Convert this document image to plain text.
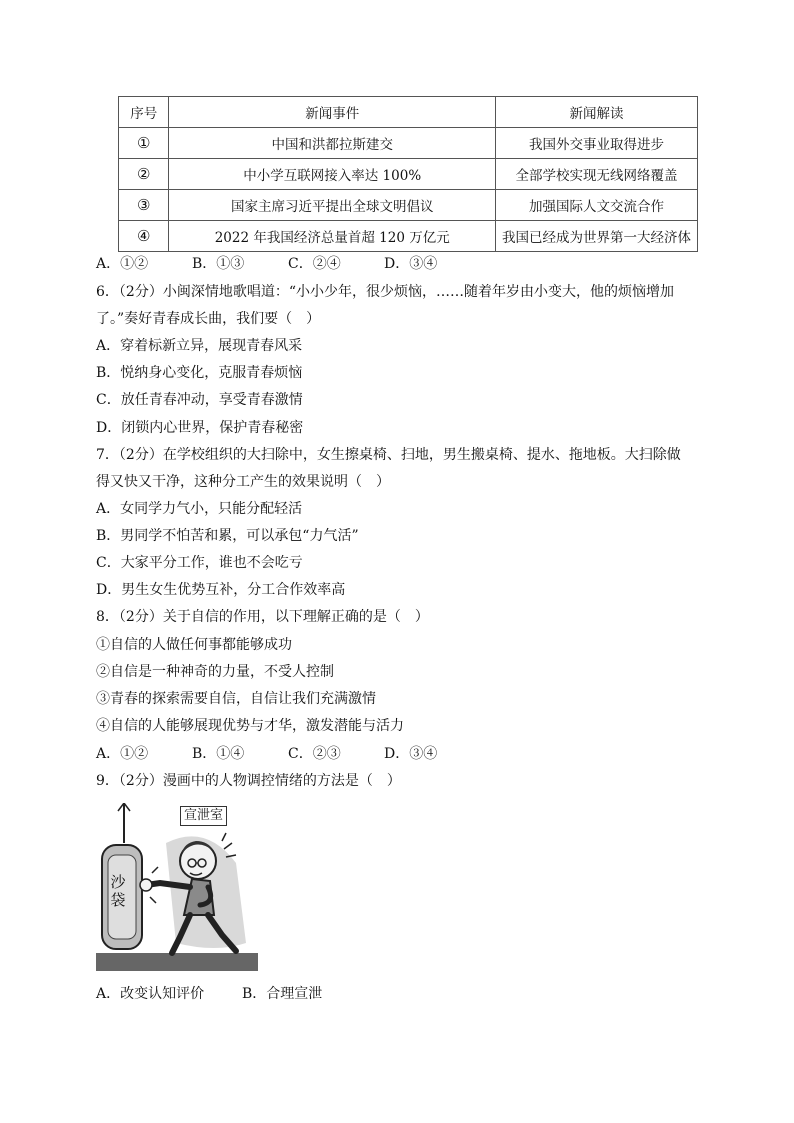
序号	新闻事件	新闻解读
①	中国和洪都拉斯建交	我国外交事业取得进步
②	中小学互联网接入率达 100%	全部学校实现无线网络覆盖
③	国家主席习近平提出全球文明倡议	加强国际人文交流合作
④	2022 年我国经济总量首超 120 万亿元	我国已经成为世界第一大经济体
A．①②	B．①③	C．②④	D．③④
6．（2分）小闽深情地歌唱道：“小小少年，很少烦恼，……随着年岁由小变大，他的烦恼增加
了。”奏好青春成长曲，我们要（　）
A．穿着标新立异，展现青春风采
B．悦纳身心变化，克服青春烦恼
C．放任青春冲动，享受青春激情
D．闭锁内心世界，保护青春秘密
7．（2分）在学校组织的大扫除中，女生擦桌椅、扫地，男生搬桌椅、提水、拖地板。大扫除做
得又快又干净，这种分工产生的效果说明（　）
A．女同学力气小，只能分配轻活
B．男同学不怕苦和累，可以承包“力气活”
C．大家平分工作，谁也不会吃亏
D．男生女生优势互补，分工合作效率高
8．（2分）关于自信的作用，以下理解正确的是（　）
①自信的人做任何事都能够成功
②自信是一种神奇的力量，不受人控制
③青春的探索需要自信，自信让我们充满激情
④自信的人能够展现优势与才华，激发潜能与活力
A．①②	B．①④	C．②③	D．③④
9．（2分）漫画中的人物调控情绪的方法是（　）
宣泄室
沙袋
A．改变认知评价	B．合理宣泄
